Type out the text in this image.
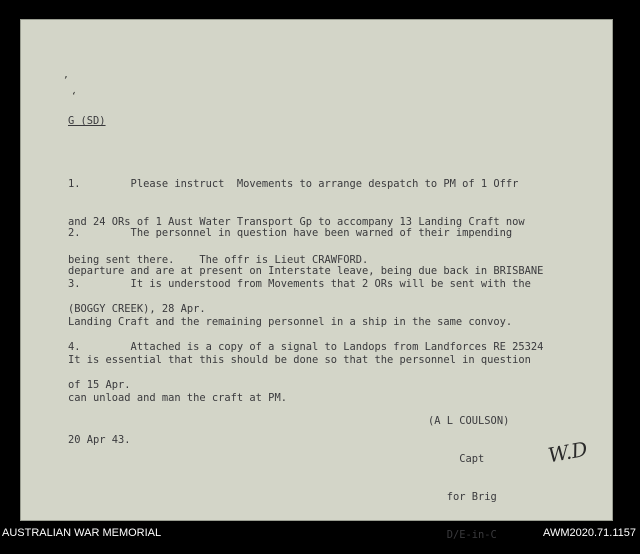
’
‘
G (SD)

1.        Please instruct  Movements to arrange despatch to PM of 1 Offr

and 24 ORs of 1 Aust Water Transport Gp to accompany 13 Landing Craft now

being sent there.    The offr is Lieut CRAWFORD.

2.        The personnel in question have been warned of their impending

departure and are at present on Interstate leave, being due back in BRISBANE

(BOGGY CREEK), 28 Apr.

3.        It is understood from Movements that 2 ORs will be sent with the

Landing Craft and the remaining personnel in a ship in the same convoy.

It is essential that this should be done so that the personnel in question

can unload and man the craft at PM.

4.        Attached is a copy of a signal to Landops from Landforces RE 25324

of 15 Apr.

(A L COULSON)

Capt

for Brig

D/E-in-C

20 Apr 43.	W.D
AUSTRALIAN WAR MEMORIAL	AWM2020.71.1157
